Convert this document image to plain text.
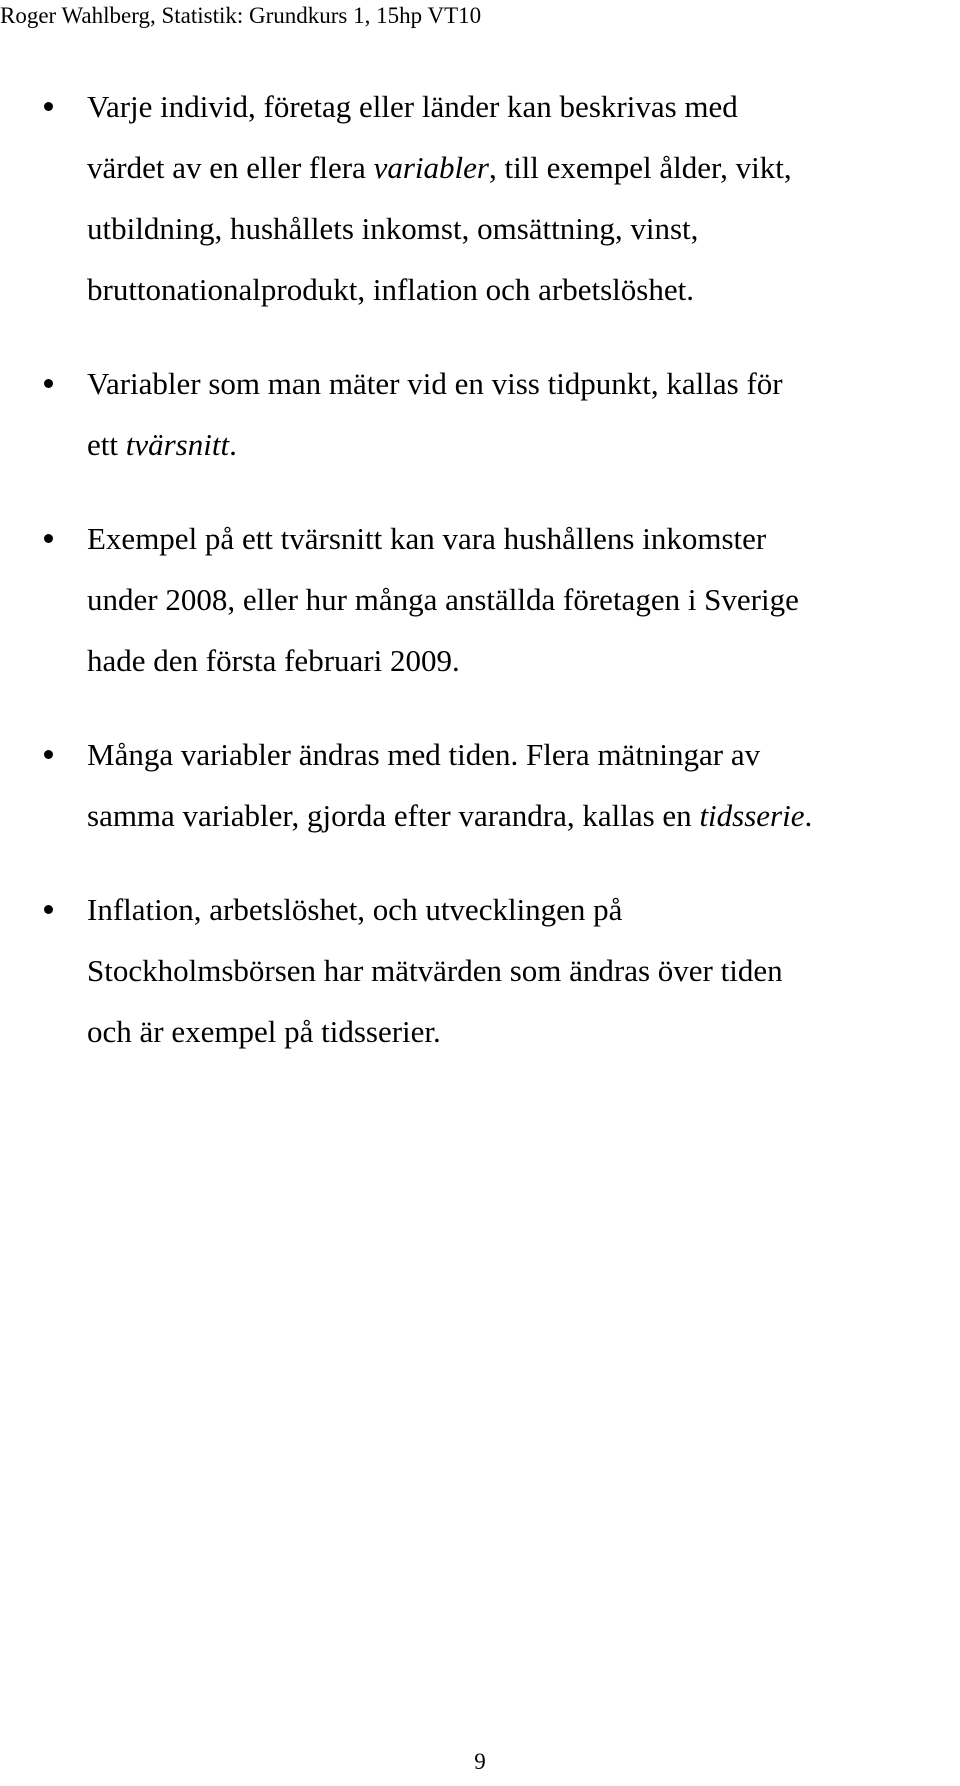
Roger Wahlberg, Statistik: Grundkurs 1, 15hp VT10
Varje individ, företag eller länder kan beskrivas med
värdet av en eller flera variabler, till exempel ålder, vikt,
utbildning, hushållets inkomst, omsättning, vinst,
bruttonationalprodukt, inflation och arbetslöshet.
Variabler som man mäter vid en viss tidpunkt, kallas för
ett tvärsnitt.
Exempel på ett tvärsnitt kan vara hushållens inkomster
under 2008, eller hur många anställda företagen i Sverige
hade den första februari 2009.
Många variabler ändras med tiden. Flera mätningar av
samma variabler, gjorda efter varandra, kallas en tidsserie.
Inflation, arbetslöshet, och utvecklingen på
Stockholmsbörsen har mätvärden som ändras över tiden
och är exempel på tidsserier.
9
